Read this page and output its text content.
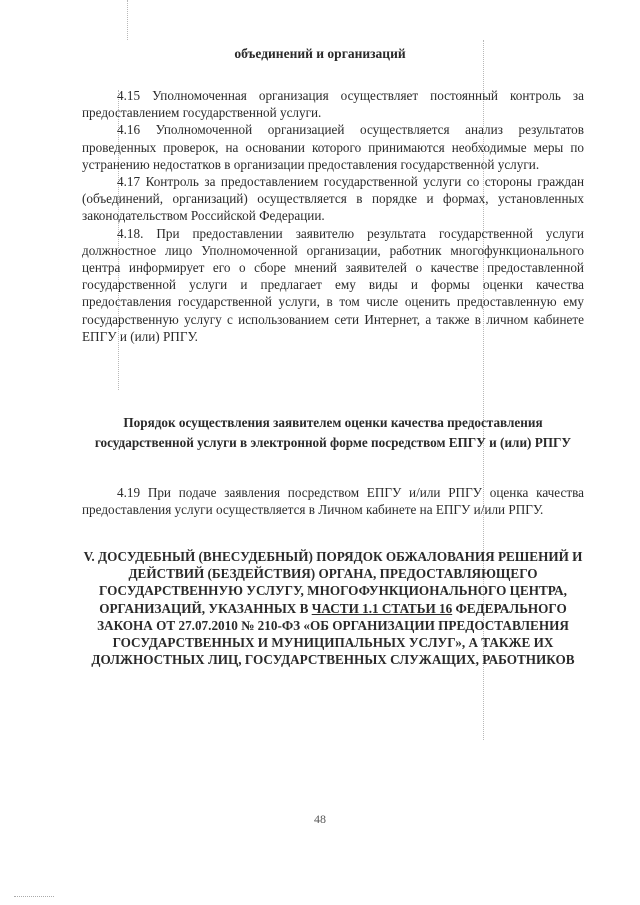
объединений и организаций

4.15 Уполномоченная организация осуществляет постоянный контроль за предоставлением государственной услуги.

4.16 Уполномоченной организацией осуществляется анализ результатов проведенных проверок, на основании которого принимаются необходимые меры по устранению недостатков в организации предоставления государственной услуги.

4.17 Контроль за предоставлением государственной услуги со стороны граждан (объединений, организаций) осуществляется в порядке и формах, установленных законодательством Российской Федерации.

4.18. При предоставлении заявителю результата государственной услуги должностное лицо Уполномоченной организации, работник многофункционального центра информирует его о сборе мнений заявителей о качестве предоставленной государственной услуги и предлагает ему виды и формы оценки качества предоставления государственной услуги, в том числе оценить предоставленную ему государственную услугу с использованием сети Интернет, а также в личном кабинете ЕПГУ и (или) РПГУ.

Порядок осуществления заявителем оценки качества предоставления государственной услуги в электронной форме посредством ЕПГУ и (или) РПГУ

4.19 При подаче заявления посредством ЕПГУ и/или РПГУ оценка качества предоставления услуги осуществляется в Личном кабинете на ЕПГУ и/или РПГУ.

V. ДОСУДЕБНЫЙ (ВНЕСУДЕБНЫЙ) ПОРЯДОК ОБЖАЛОВАНИЯ РЕШЕНИЙ И ДЕЙСТВИЙ (БЕЗДЕЙСТВИЯ) ОРГАНА, ПРЕДОСТАВЛЯЮЩЕГО ГОСУДАРСТВЕННУЮ УСЛУГУ, МНОГОФУНКЦИОНАЛЬНОГО ЦЕНТРА, ОРГАНИЗАЦИЙ, УКАЗАННЫХ В ЧАСТИ 1.1 СТАТЬИ 16 ФЕДЕРАЛЬНОГО ЗАКОНА ОТ 27.07.2010 № 210-ФЗ «ОБ ОРГАНИЗАЦИИ ПРЕДОСТАВЛЕНИЯ ГОСУДАРСТВЕННЫХ И МУНИЦИПАЛЬНЫХ УСЛУГ», А ТАКЖЕ ИХ ДОЛЖНОСТНЫХ ЛИЦ, ГОСУДАРСТВЕННЫХ СЛУЖАЩИХ, РАБОТНИКОВ
48
